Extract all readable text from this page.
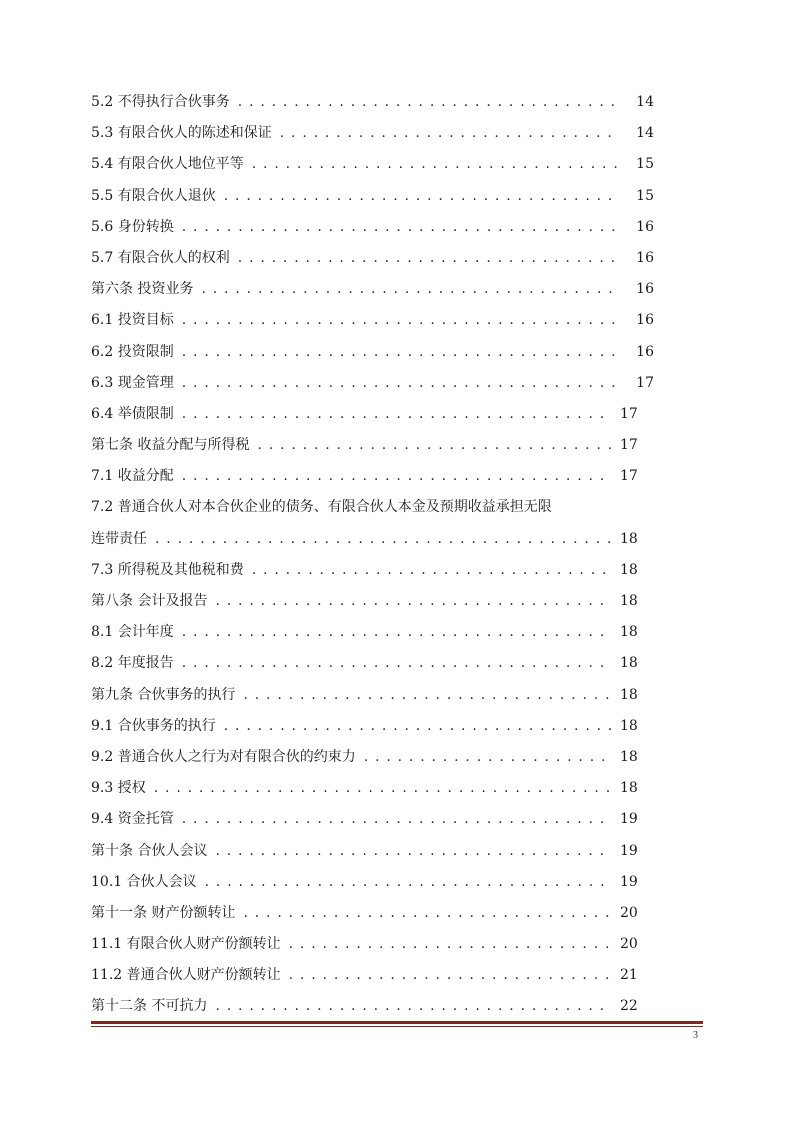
5.2 不得执行合伙事务 . . .	14
5.3 有限合伙人的陈述和保证 . . .	14
5.4 有限合伙人地位平等 . . .	15
5.5 有限合伙人退伙 . . .	15
5.6 身份转换 . . .	16
5.7 有限合伙人的权利 . . .	16
第六条 投资业务 . . .	16
6.1 投资目标 . . .	16
6.2 投资限制 . . .	16
6.3 现金管理 . . .	17
6.4 举债限制 . . .	17
第七条 收益分配与所得税 . . .	17
7.1 收益分配 . . .	17
7.2 普通合伙人对本合伙企业的债务、有限合伙人本金及预期收益承担无限
连带责任 . . .	18
7.3 所得税及其他税和费 . . .	18
第八条 会计及报告 . . .	18
8.1 会计年度 . . .	18
8.2 年度报告 . . .	18
第九条 合伙事务的执行 . . .	18
9.1 合伙事务的执行 . . .	18
9.2 普通合伙人之行为对有限合伙的约束力 . . .	18
9.3 授权 . . .	18
9.4 资金托管 . . .	19
第十条 合伙人会议 . . .	19
10.1 合伙人会议 . . .	19
第十一条 财产份额转让 . . .	20
11.1 有限合伙人财产份额转让 . . .	20
11.2 普通合伙人财产份额转让 . . .	21
第十二条 不可抗力 . . .	22
3
